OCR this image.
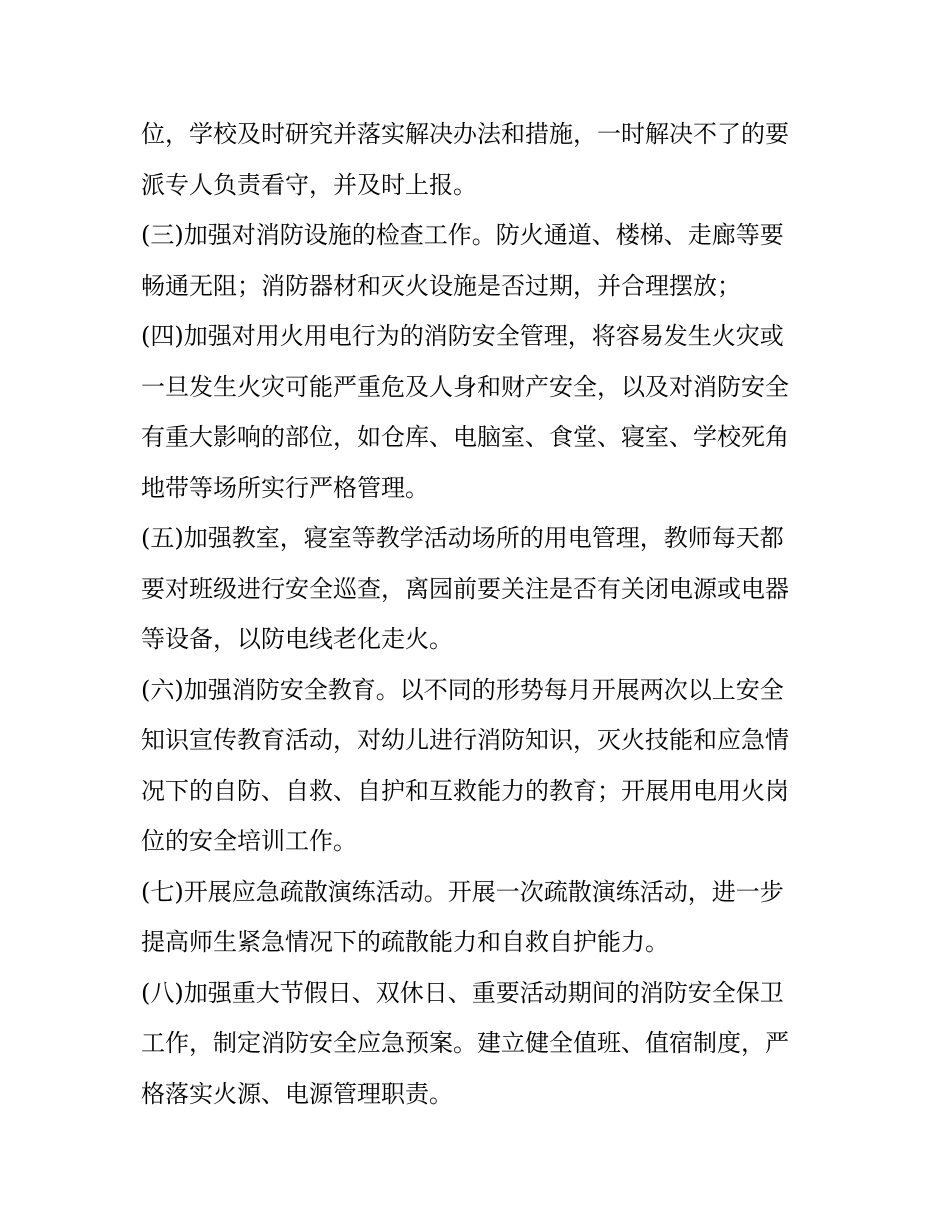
位，学校及时研究并落实解决办法和措施，一时解决不了的要
派专人负责看守，并及时上报。
(三)加强对消防设施的检查工作。防火通道、楼梯、走廊等要
畅通无阻；消防器材和灭火设施是否过期，并合理摆放；
(四)加强对用火用电行为的消防安全管理，将容易发生火灾或
一旦发生火灾可能严重危及人身和财产安全，以及对消防安全
有重大影响的部位，如仓库、电脑室、食堂、寝室、学校死角
地带等场所实行严格管理。
(五)加强教室，寝室等教学活动场所的用电管理，教师每天都
要对班级进行安全巡查，离园前要关注是否有关闭电源或电器
等设备，以防电线老化走火。
(六)加强消防安全教育。以不同的形势每月开展两次以上安全
知识宣传教育活动，对幼儿进行消防知识，灭火技能和应急情
况下的自防、自救、自护和互救能力的教育；开展用电用火岗
位的安全培训工作。
(七)开展应急疏散演练活动。开展一次疏散演练活动，进一步
提高师生紧急情况下的疏散能力和自救自护能力。
(八)加强重大节假日、双休日、重要活动期间的消防安全保卫
工作，制定消防安全应急预案。建立健全值班、值宿制度，严
格落实火源、电源管理职责。
